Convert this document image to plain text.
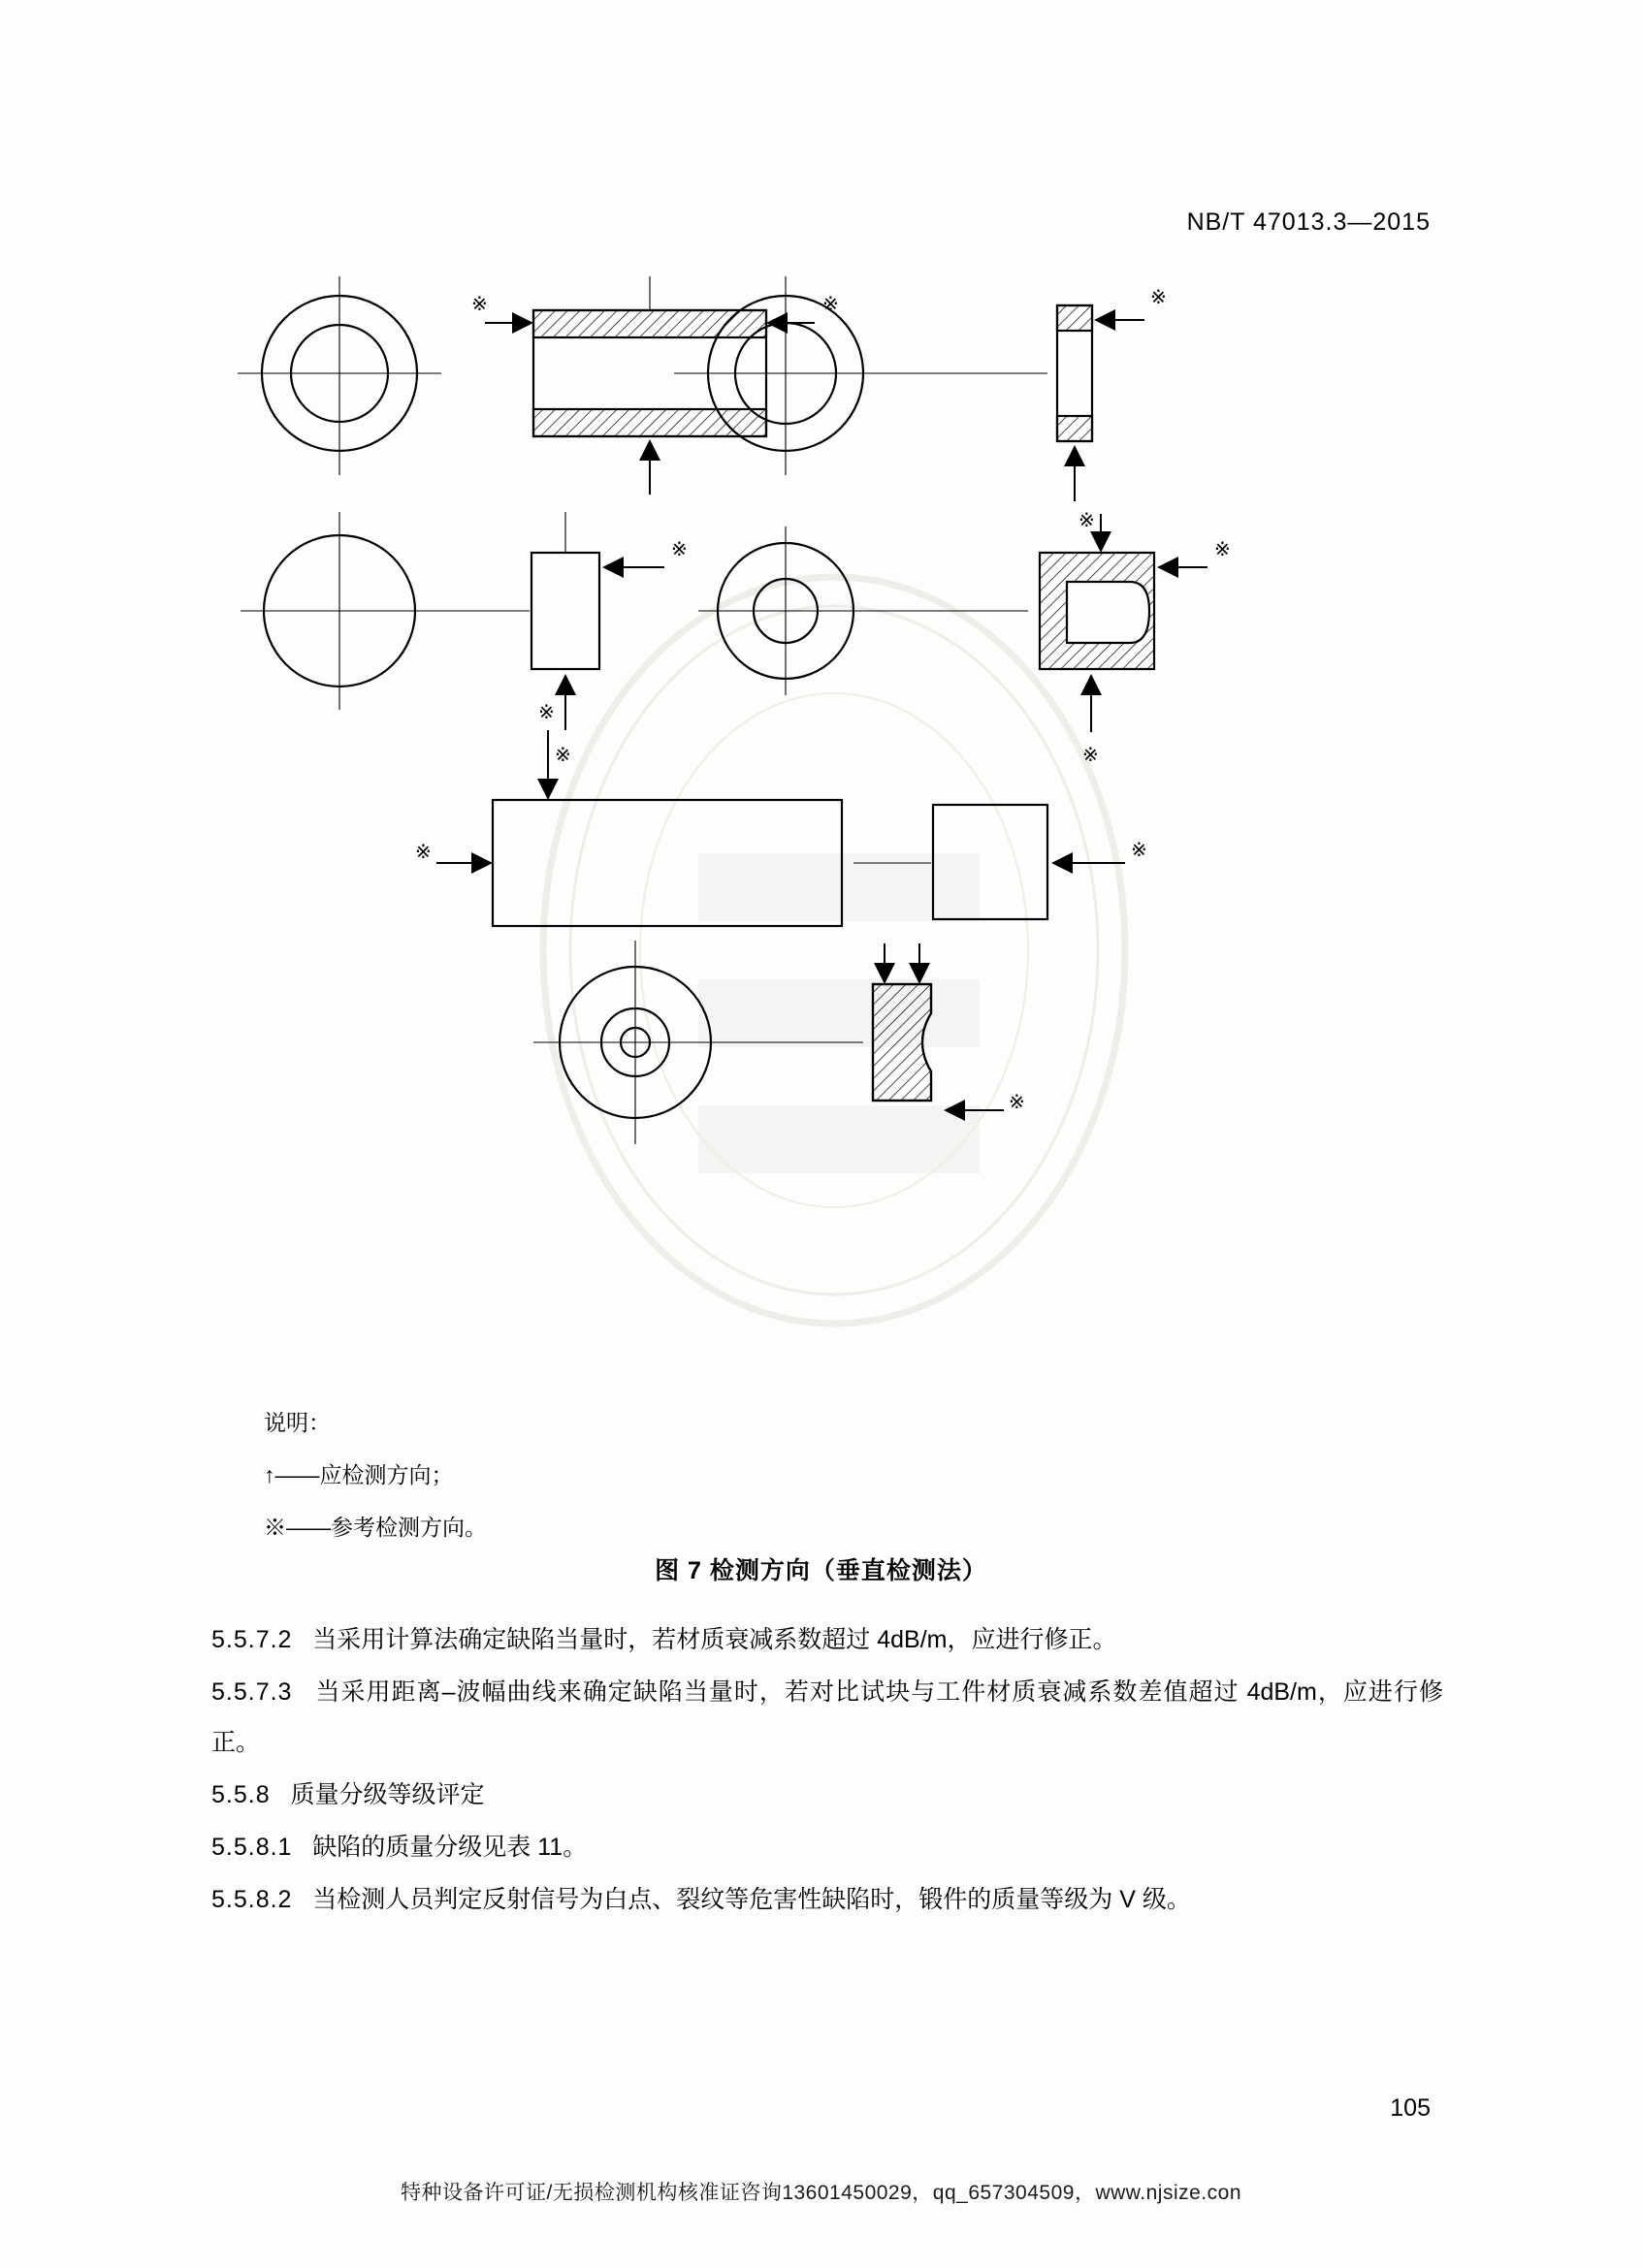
NB/T 47013.3—2015
※	※
※
※
※
※
※
※
※
※	※
※
说明：
↑——应检测方向；
※——参考检测方向。
图 7 检测方向（垂直检测法）

5.5.7.2 当采用计算法确定缺陷当量时，若材质衰减系数超过 4dB/m，应进行修正。

5.5.7.3 当采用距离–波幅曲线来确定缺陷当量时，若对比试块与工件材质衰减系数差值超过 4dB/m，应进行修正。

5.5.8 质量分级等级评定

5.5.8.1 缺陷的质量分级见表 11。

5.5.8.2 当检测人员判定反射信号为白点、裂纹等危害性缺陷时，锻件的质量等级为 V 级。

105
特种设备许可证/无损检测机构核准证咨询13601450029，qq_657304509，www.njsize.con
